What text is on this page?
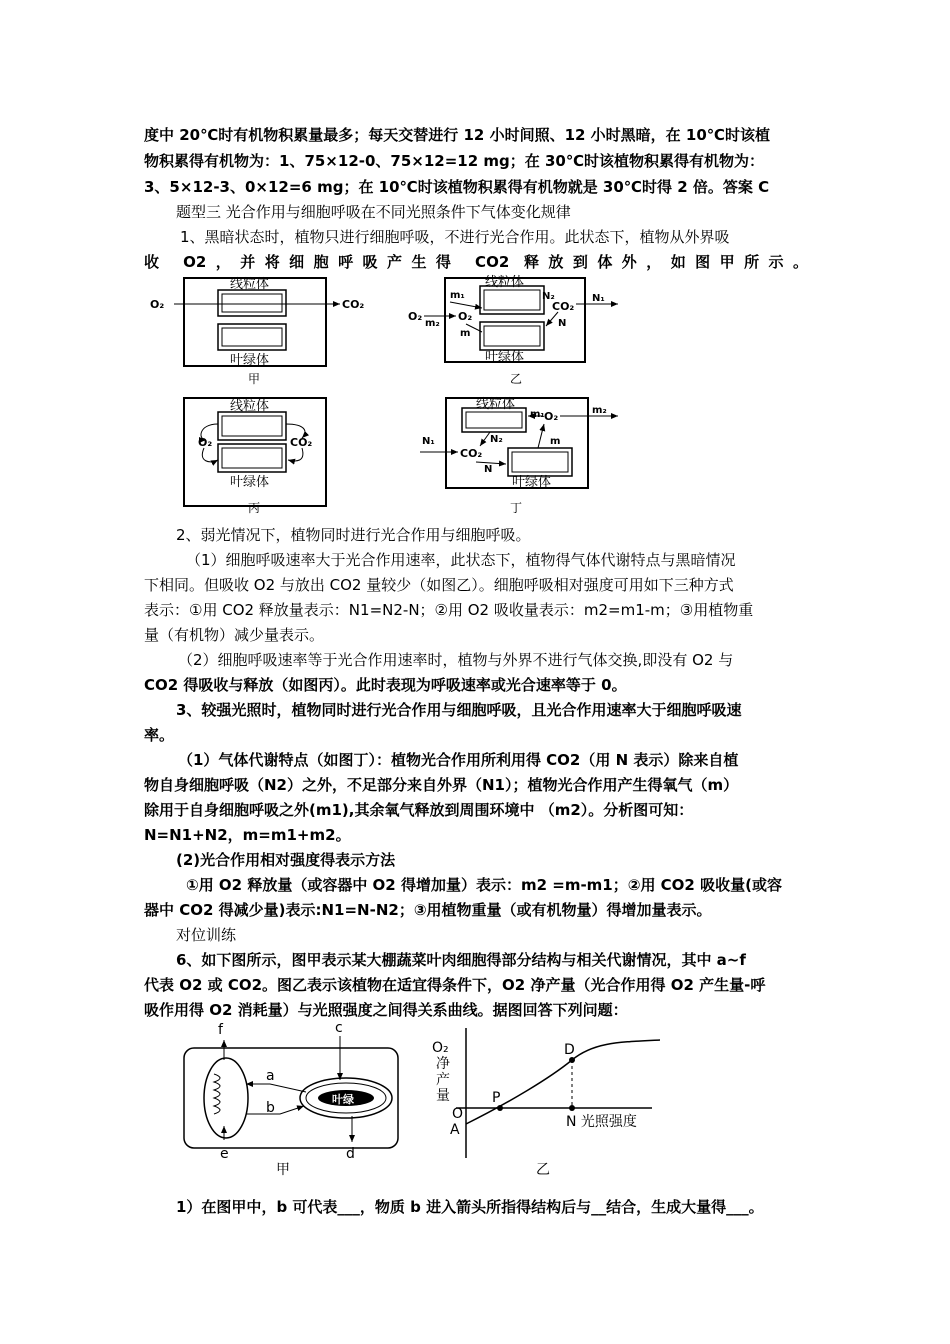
度中 20℃时有机物积累量最多；每天交替进行 12 小时间照、12 小时黑暗，在 10℃时该植
物积累得有机物为：1、75×12-0、75×12=12 mg；在 30℃时该植物积累得有机物为：
3、5×12-3、0×12=6 mg；在 10℃时该植物积累得有机物就是 30℃时得 2 倍。答案 C
题型三 光合作用与细胞呼吸在不同光照条件下气体变化规律
1、黑暗状态时，植物只进行细胞呼吸，不进行光合作用。此状态下，植物从外界吸
收 O2，并将细胞呼吸产生得 CO2 释放到体外，如图甲所示。
线粒体
叶绿体
O₂	CO₂
甲
线粒体
叶绿体
m₁
O₂
m₂
O₂
m
N₂
CO₂
N₁
N
乙
线粒体
叶绿体
O₂	CO₂
丙
线粒体
叶绿体
m₁ O₂	m₂
m
N₂
N₁
CO₂
N
丁
2、弱光情况下，植物同时进行光合作用与细胞呼吸。
（1）细胞呼吸速率大于光合作用速率，此状态下，植物得气体代谢特点与黑暗情况
下相同。但吸收 O2 与放出 CO2 量较少（如图乙）。细胞呼吸相对强度可用如下三种方式
表示：①用 CO2 释放量表示：N1=N2-N；②用 O2 吸收量表示：m2=m1-m；③用植物重
量（有机物）减少量表示。
（2）细胞呼吸速率等于光合作用速率时，植物与外界不进行气体交换,即没有 O2 与
CO2 得吸收与释放（如图丙）。此时表现为呼吸速率或光合速率等于 0。
3、较强光照时，植物同时进行光合作用与细胞呼吸，且光合作用速率大于细胞呼吸速
率。
（1）气体代谢特点（如图丁）：植物光合作用所利用得 CO2（用 N 表示）除来自植
物自身细胞呼吸（N2）之外，不足部分来自外界（N1）；植物光合作用产生得氧气（m）
除用于自身细胞呼吸之外(m1),其余氧气释放到周围环境中 （m2）。分析图可知：
N=N1+N2，m=m1+m2。
(2)光合作用相对强度得表示方法
①用 O2 释放量（或容器中 O2 得增加量）表示：m2 =m-m1；②用 CO2 吸收量(或容
器中 CO2 得减少量)表示:N1=N-N2；③用植物重量（或有机物量）得增加量表示。
对位训练
6、如下图所示，图甲表示某大棚蔬菜叶肉细胞得部分结构与相关代谢情况，其中 a~f
代表 O2 或 CO2。图乙表示该植物在适宜得条件下，O2 净产量（光合作用得 O2 产生量-呼
吸作用得 O2 消耗量）与光照强度之间得关系曲线。据图回答下列问题：
叶绿
a
b
c
d
e
f
甲
O₂
净
产
量
O
A
P
D
N 光照强度
乙
1）在图甲中，b 可代表___，物质 b 进入箭头所指得结构后与__结合，生成大量得___。
